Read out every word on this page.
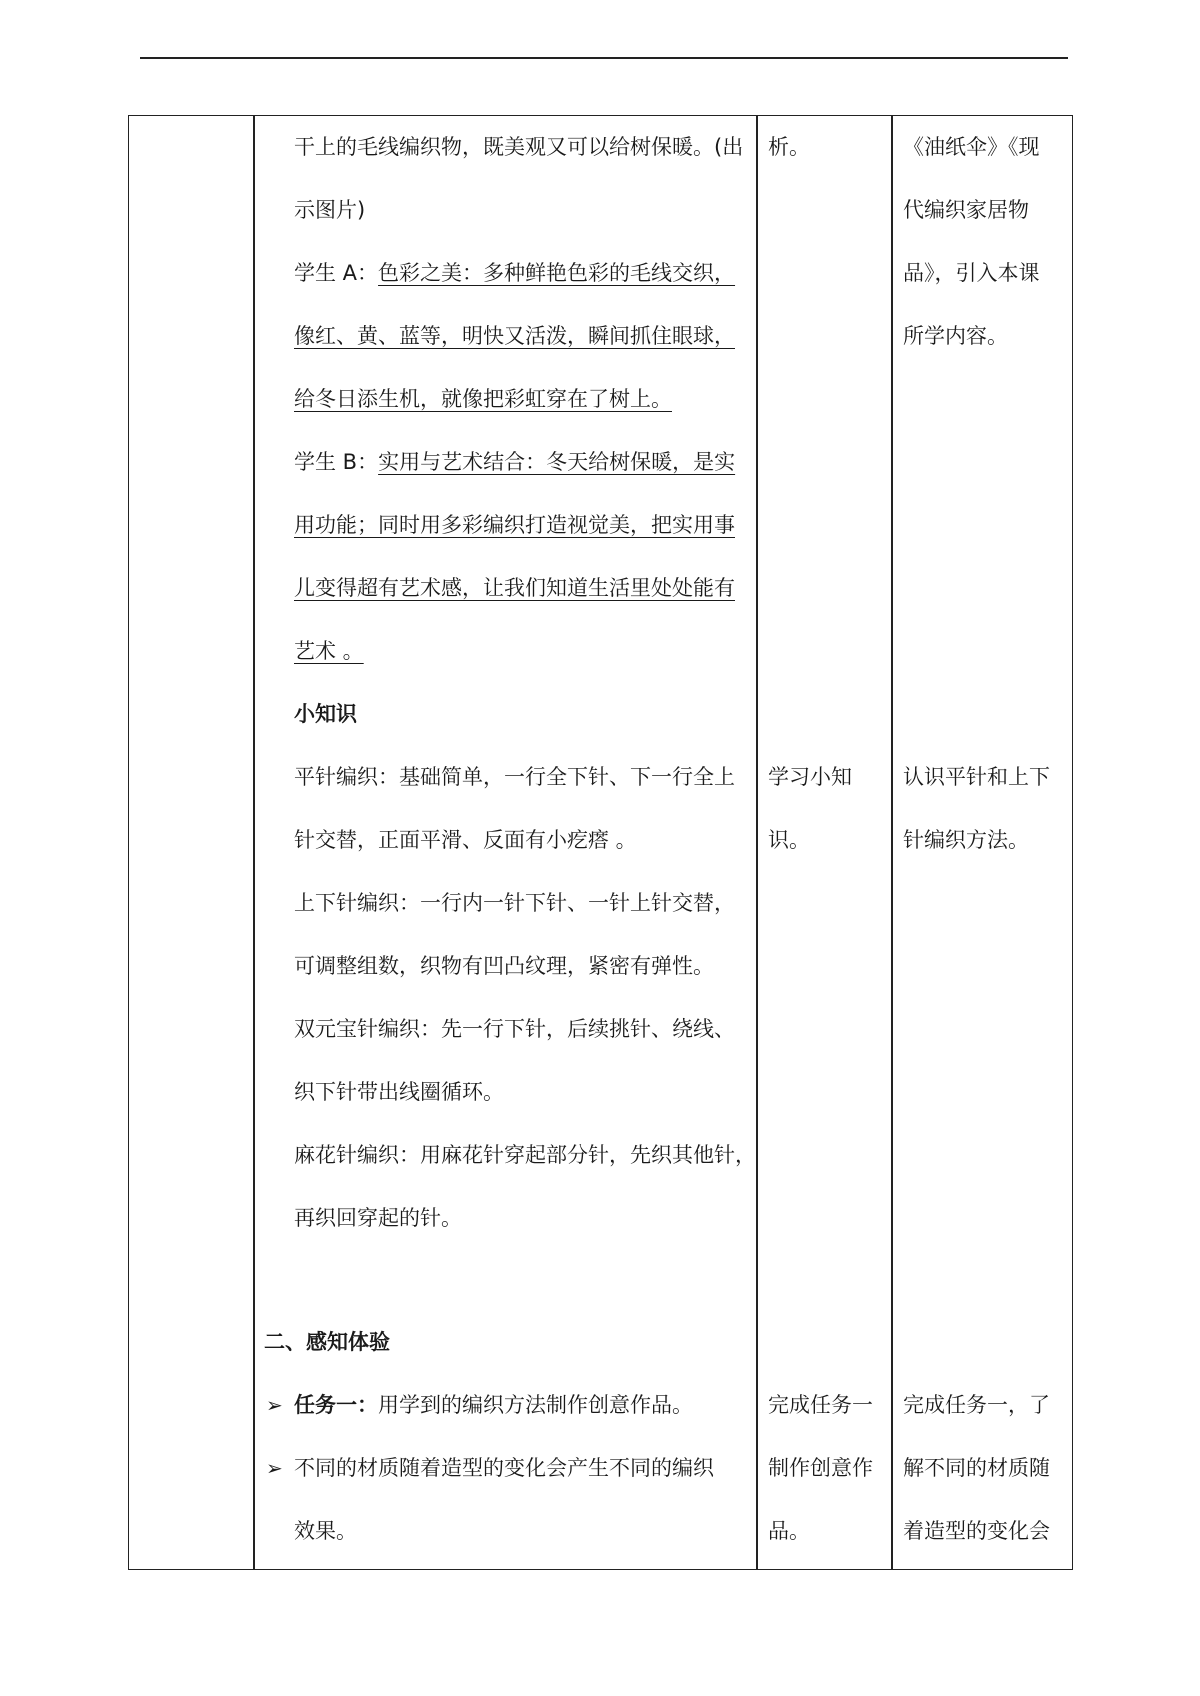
干上的毛线编织物，既美观又可以给树保暖。(出
示图片)
学生 A：色彩之美：多种鲜艳色彩的毛线交织，
像红、黄、蓝等，明快又活泼，瞬间抓住眼球，
给冬日添生机，就像把彩虹穿在了树上。
学生 B：实用与艺术结合：冬天给树保暖，是实
用功能；同时用多彩编织打造视觉美，把实用事
儿变得超有艺术感，让我们知道生活里处处能有
艺术 。
小知识
平针编织：基础简单，一行全下针、下一行全上
针交替，正面平滑、反面有小疙瘩 。
上下针编织：一行内一针下针、一针上针交替，
可调整组数，织物有凹凸纹理，紧密有弹性。
双元宝针编织：先一行下针，后续挑针、绕线、
织下针带出线圈循环。
麻花针编织：用麻花针穿起部分针，先织其他针，
再织回穿起的针。
二、感知体验
➢ 任务一：用学到的编织方法制作创意作品。
➢ 不同的材质随着造型的变化会产生不同的编织
效果。
析。
学习小知
识。
完成任务一
制作创意作
品。
《油纸伞》《现
代编织家居物
品》，引入本课
所学内容。
认识平针和上下
针编织方法。
完成任务一，了
解不同的材质随
着造型的变化会
